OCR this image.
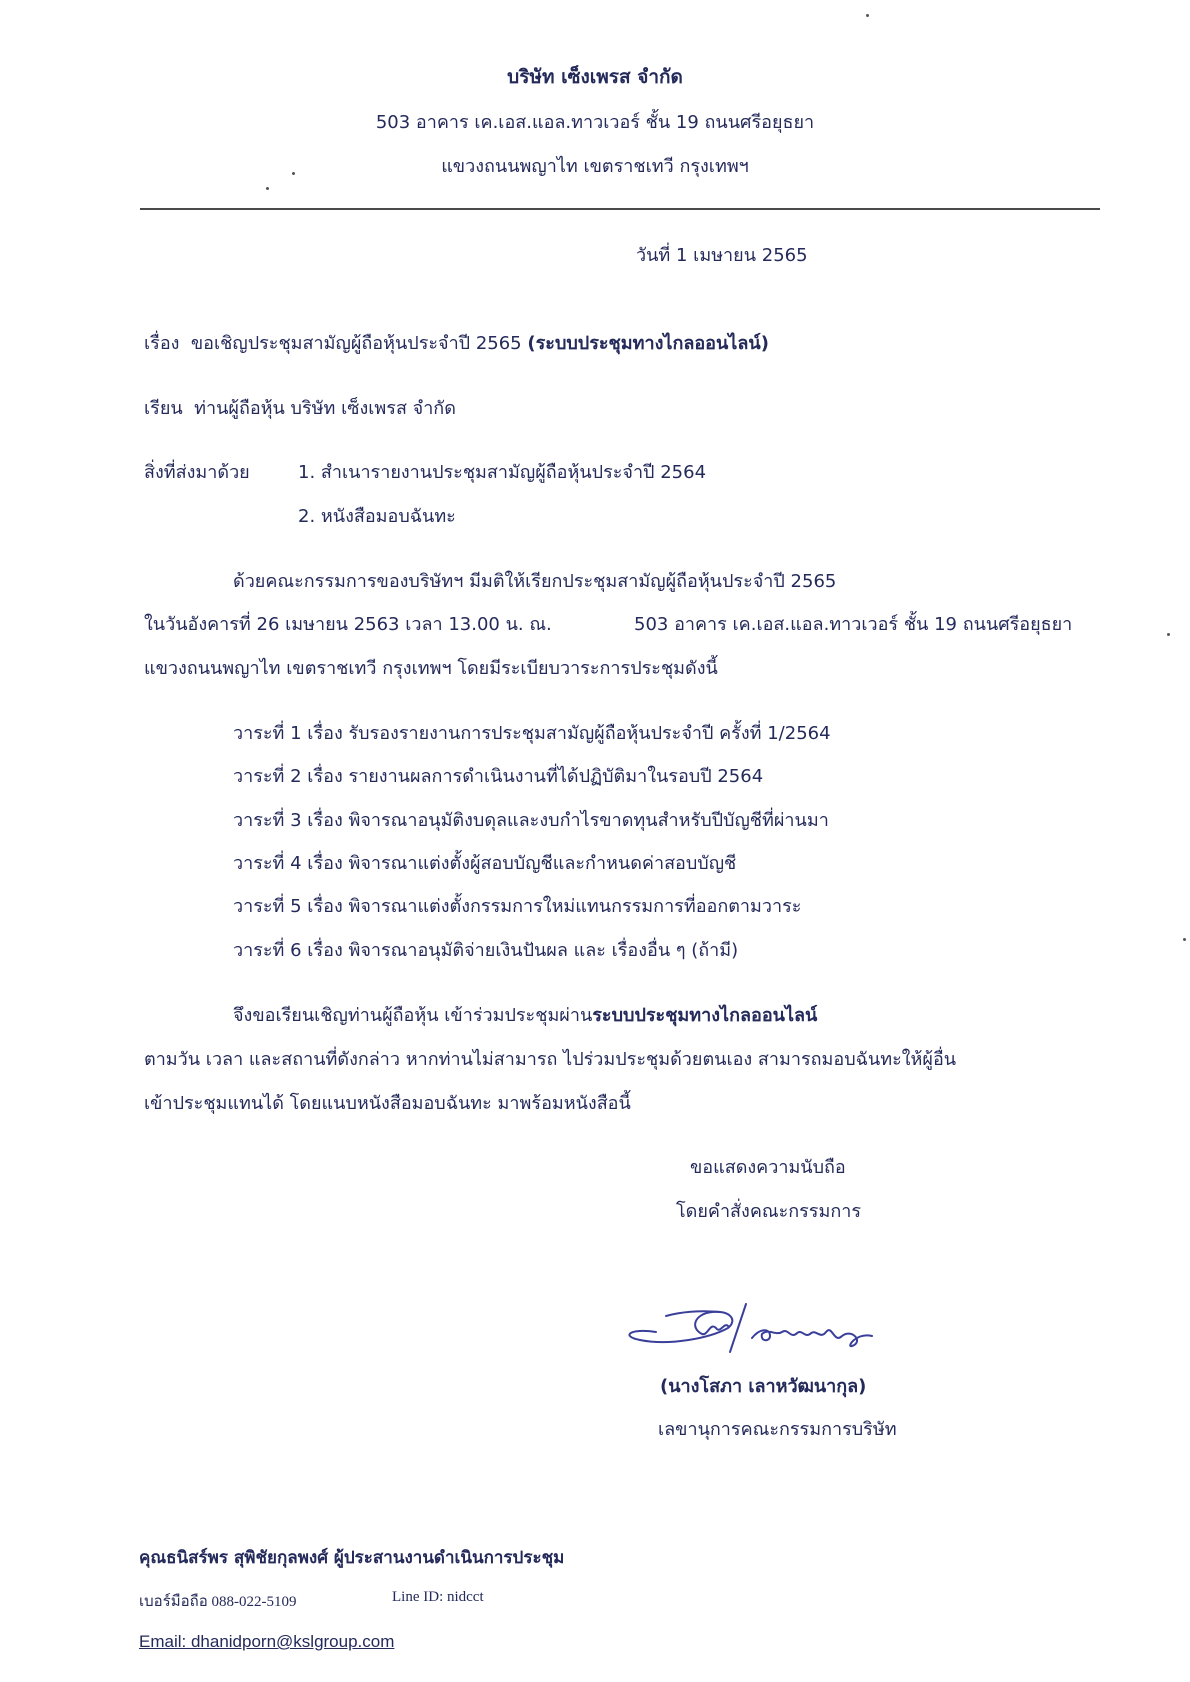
บริษัท เซ็งเพรส จำกัด
503 อาคาร เค.เอส.แอล.ทาวเวอร์ ชั้น 19 ถนนศรีอยุธยา
แขวงถนนพญาไท เขตราชเทวี กรุงเทพฯ
วันที่ 1 เมษายน 2565
เรื่อง ขอเชิญประชุมสามัญผู้ถือหุ้นประจำปี 2565 (ระบบประชุมทางไกลออนไลน์)
เรียน ท่านผู้ถือหุ้น บริษัท เซ็งเพรส จำกัด
สิ่งที่ส่งมาด้วย	1. สำเนารายงานประชุมสามัญผู้ถือหุ้นประจำปี 2564
2. หนังสือมอบฉันทะ
ด้วยคณะกรรมการของบริษัทฯ มีมติให้เรียกประชุมสามัญผู้ถือหุ้นประจำปี 2565
ในวันอังคารที่ 26 เมษายน 2563 เวลา 13.00 น. ณ.	503 อาคาร เค.เอส.แอล.ทาวเวอร์ ชั้น 19 ถนนศรีอยุธยา
แขวงถนนพญาไท เขตราชเทวี กรุงเทพฯ โดยมีระเบียบวาระการประชุมดังนี้
วาระที่ 1 เรื่อง รับรองรายงานการประชุมสามัญผู้ถือหุ้นประจำปี ครั้งที่ 1/2564
วาระที่ 2 เรื่อง รายงานผลการดำเนินงานที่ได้ปฏิบัติมาในรอบปี 2564
วาระที่ 3 เรื่อง พิจารณาอนุมัติงบดุลและงบกำไรขาดทุนสำหรับปีบัญชีที่ผ่านมา
วาระที่ 4 เรื่อง พิจารณาแต่งตั้งผู้สอบบัญชีและกำหนดค่าสอบบัญชี
วาระที่ 5 เรื่อง พิจารณาแต่งตั้งกรรมการใหม่แทนกรรมการที่ออกตามวาระ
วาระที่ 6 เรื่อง พิจารณาอนุมัติจ่ายเงินปันผล และ เรื่องอื่น ๆ (ถ้ามี)
จึงขอเรียนเชิญท่านผู้ถือหุ้น เข้าร่วมประชุมผ่านระบบประชุมทางไกลออนไลน์
ตามวัน เวลา และสถานที่ดังกล่าว หากท่านไม่สามารถ ไปร่วมประชุมด้วยตนเอง สามารถมอบฉันทะให้ผู้อื่น
เข้าประชุมแทนได้ โดยแนบหนังสือมอบฉันทะ มาพร้อมหนังสือนี้
ขอแสดงความนับถือ
โดยคำสั่งคณะกรรมการ
(นางโสภา เลาหวัฒนากุล)
เลขานุการคณะกรรมการบริษัท
คุณธนิสร์พร สุพิชัยกุลพงศ์ ผู้ประสานงานดำเนินการประชุม
เบอร์มือถือ 088-022-5109	Line ID: nidcct
Email: dhanidporn@kslgroup.com
